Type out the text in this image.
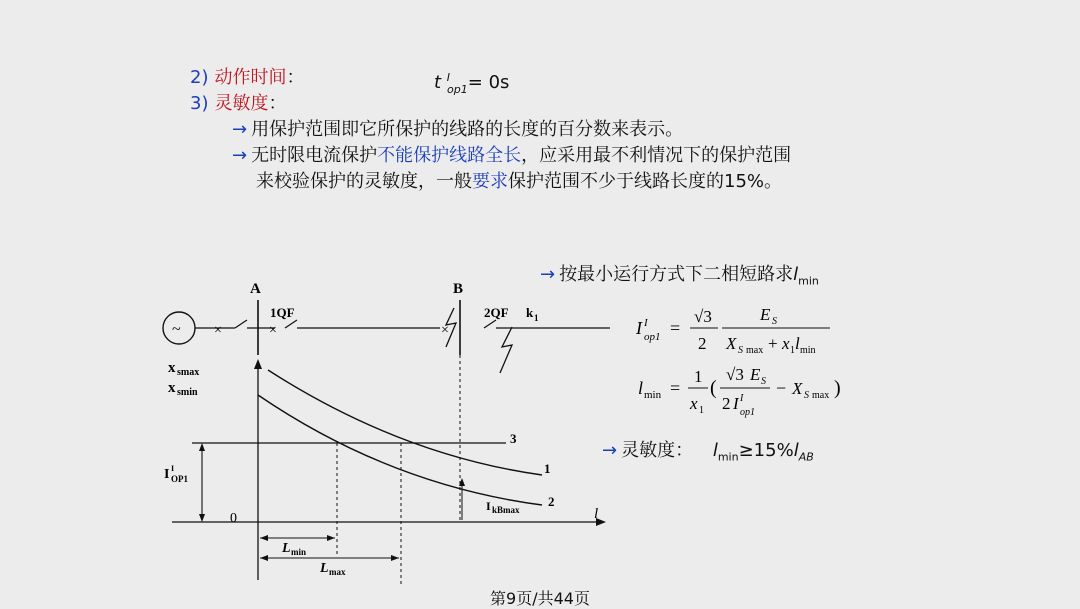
2) 动作时间：	t $^I_{op1}$= 0s
3) 灵敏度：
→ 用保护范围即它所保护的线路的长度的百分数来表示。
→ 无时限电流保护不能保护线路全长，应采用最不利情况下的保护范围
来校验保护的灵敏度，一般要求保护范围不少于线路长度的15%。
→ 按最小运行方式下二相短路求$l_{min}$
I I
op1 =
√3
2
E S
X S max + x 1 l min
l min =
1
x 1
(
√3 E S
2 I I
op1
− X S max )
→ 灵敏度： $l_{min}\ge 15\%l_{AB}$
~ ×	×	×
A	B
1QF	2QF k 1
x smax
x smin
l
0
3
I I
OP1
1
2
I kBmax
L min
L max
第9页/共44页
